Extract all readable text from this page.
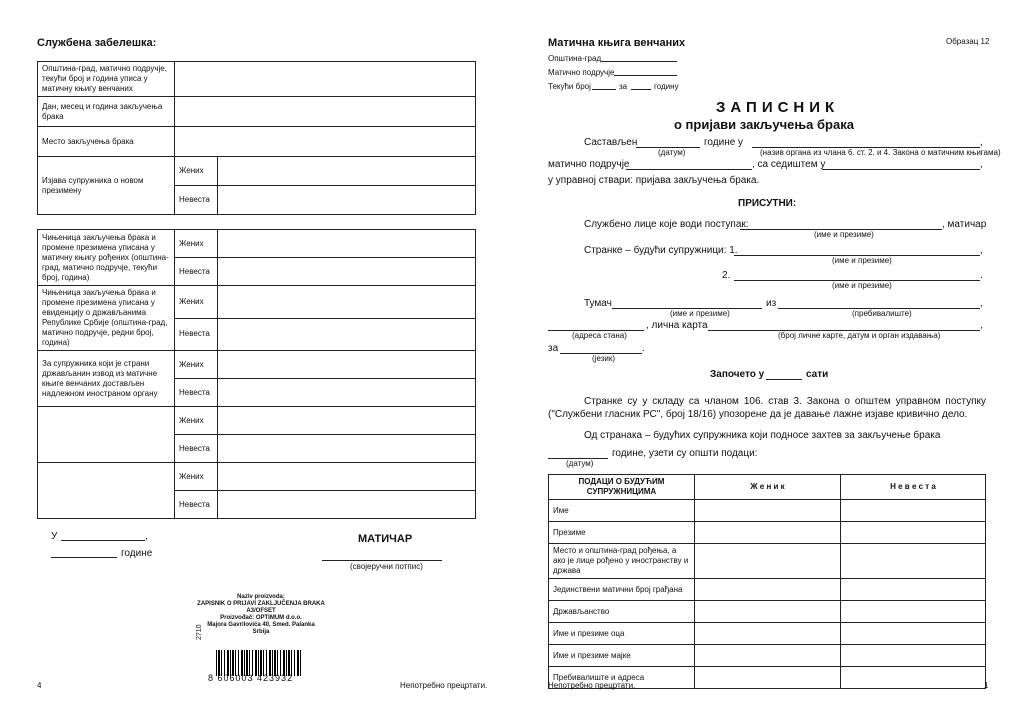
Службена забелешка:
Општина-град, матично подручје, текући број и година уписа у матичну књигу венчаних		
Дан, месец и година закључења брака		
Место закључења брака		
Изјава супружника о новом презимену	Жених	
	Невеста	
Чињеница закључења брака и промене презимена уписана у матичну књигу рођених (општина-град, матично подручје, текући број, година)	Жених	
	Невеста	
Чињеница закључења брака и промене презимена уписана у евиденцију о држављанима Републике Србије (општина-град, матично подручје, редни број, година)	Жених	
	Невеста	
За супружника који је страни држављанин извод из матичне књиге венчаних достављен надлежном иностраном органу	Жених	
	Невеста	
	Жених	
	Невеста	
	Жених	
	Невеста	
У	,
године
МАТИЧАР
(својеручни потпис)
Naziv proizvoda:
ZAPISNIK O PRIJAVI ZAKLJUČENJA BRAKA
A3/OFSET
Proizvođač: OPTIMUM d.o.o.
Majora Gavrilovića 40, Smed. Palanka
Srbija
2710
8 606003 423932
4	Непотребно прецртати.
Матична књига венчаних	Образац 12
Општина-град
Матично подручје
Текући број	за	годину
ЗАПИСНИК
о пријави закључења брака
Састављен	године у	,
(датум)	(назив органа из члана 6. ст. 2. и 4. Закона о матичним књигама)
матично подручје	, са седиштем у	,
у управној ствари: пријава закључења брака.
ПРИСУТНИ:
Службено лице које води поступак:	, матичар
(име и презиме)
Странке – будући супружници: 1.	,
(име и презиме)
2.	.
(име и презиме)
Тумач	из	,
(име и презиме)	(пребивалиште)
, лична карта	,
(адреса стана)	(број личне карте, датум и орган издавања)
за	.
(језик)
Започето у	сати
Странке су у складу са чланом 106. став 3. Закона о општем управном поступку ("Службени гласник РС", број 18/16) упозорене да је давање лажне изјаве кривично дело.
Од странака – будућих супружника који подносе захтев за закључење брака
године, узети су општи подаци:
(датум)
ПОДАЦИ О БУДУЋИМ СУПРУЖНИЦИМА	Ж е н и к	Н е в е с т а
Име		
Презиме		
Место и општина-град рођења, а ако је лице рођено у иностранству и држава		
Јединствени матични број грађана		
Држављанство		
Име и презиме оца		
Име и презиме мајке		
Пребивалиште и адреса		
Непотребно прецртати.	1
